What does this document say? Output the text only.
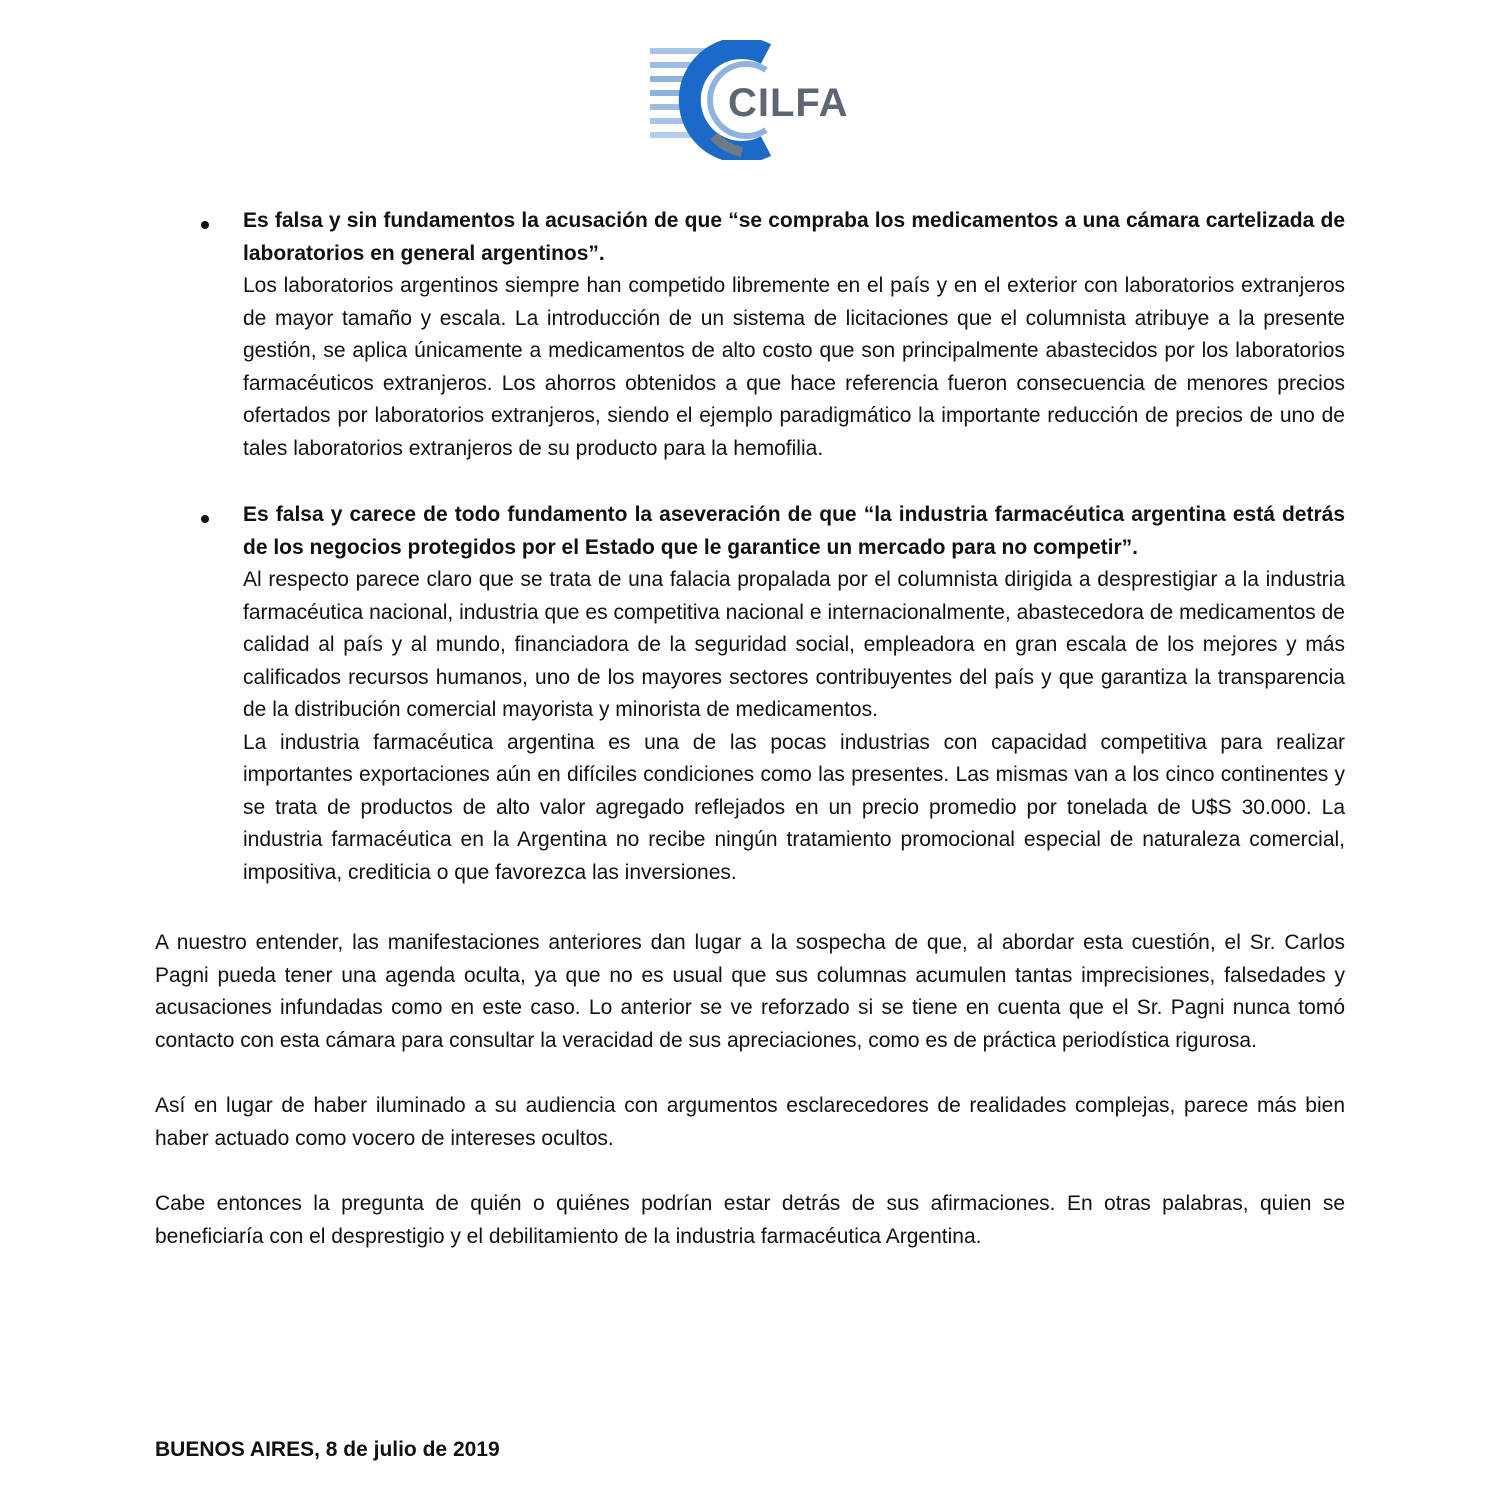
CILFA

Es falsa y sin fundamentos la acusación de que “se compraba los medicamentos a una cámara cartelizada de laboratorios en general argentinos”.

Los laboratorios argentinos siempre han competido libremente en el país y en el exterior con laboratorios extranjeros de mayor tamaño y escala. La introducción de un sistema de licitaciones que el columnista atribuye a la presente gestión, se aplica únicamente a medicamentos de alto costo que son principalmente abastecidos por los laboratorios farmacéuticos extranjeros. Los ahorros obtenidos a que hace referencia fueron consecuencia de menores precios ofertados por laboratorios extranjeros, siendo el ejemplo paradigmático la importante reducción de precios de uno de tales laboratorios extranjeros de su producto para la hemofilia.

Es falsa y carece de todo fundamento la aseveración de que “la industria farmacéutica argentina está detrás de los negocios protegidos por el Estado que le garantice un mercado para no competir”.

Al respecto parece claro que se trata de una falacia propalada por el columnista dirigida a desprestigiar a la industria farmacéutica nacional, industria que es competitiva nacional e internacionalmente, abastecedora de medicamentos de calidad al país y al mundo, financiadora de la seguridad social, empleadora en gran escala de los mejores y más calificados recursos humanos, uno de los mayores sectores contribuyentes del país y que garantiza la transparencia de la distribución comercial mayorista y minorista de medicamentos.

La industria farmacéutica argentina es una de las pocas industrias con capacidad competitiva para realizar importantes exportaciones aún en difíciles condiciones como las presentes. Las mismas van a los cinco continentes y se trata de productos de alto valor agregado reflejados en un precio promedio por tonelada de U$S 30.000. La industria farmacéutica en la Argentina no recibe ningún tratamiento promocional especial de naturaleza comercial, impositiva, crediticia o que favorezca las inversiones.

A nuestro entender, las manifestaciones anteriores dan lugar a la sospecha de que, al abordar esta cuestión, el Sr. Carlos Pagni pueda tener una agenda oculta, ya que no es usual que sus columnas acumulen tantas imprecisiones, falsedades y acusaciones infundadas como en este caso. Lo anterior se ve reforzado si se tiene en cuenta que el Sr. Pagni nunca tomó contacto con esta cámara para consultar la veracidad de sus apreciaciones, como es de práctica periodística rigurosa.

Así en lugar de haber iluminado a su audiencia con argumentos esclarecedores de realidades complejas, parece más bien haber actuado como vocero de intereses ocultos.

Cabe entonces la pregunta de quién o quiénes podrían estar detrás de sus afirmaciones. En otras palabras, quien se beneficiaría con el desprestigio y el debilitamiento de la industria farmacéutica Argentina.

BUENOS AIRES, 8 de julio de 2019
